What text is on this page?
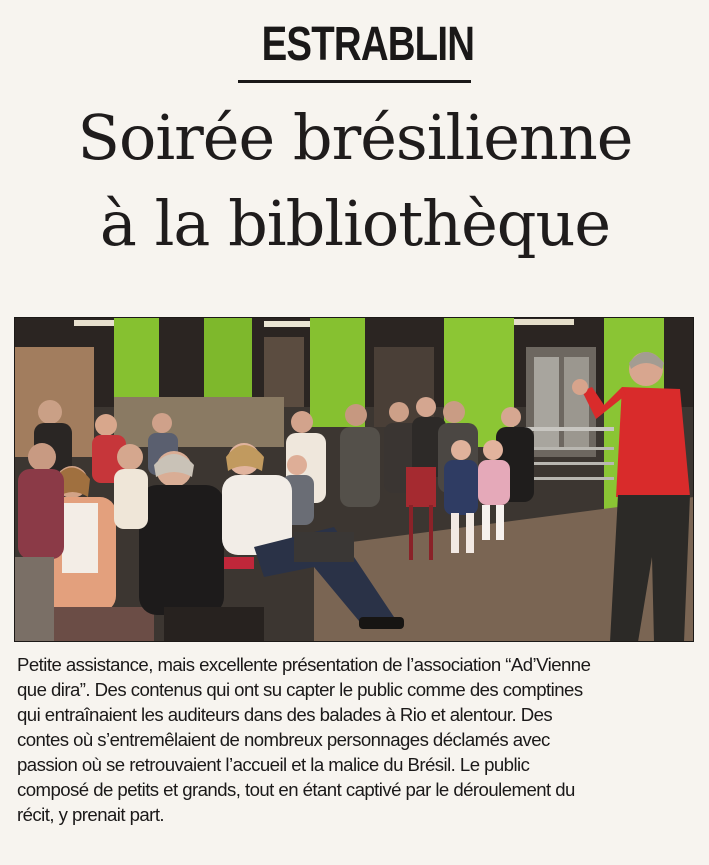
ESTRABLIN
Soirée brésilienne
à la bibliothèque
Petite assistance, mais excellente présentation de l’association “Ad’Vienne
que dira”. Des contenus qui ont su capter le public comme des comptines
qui entraînaient les auditeurs dans des balades à Rio et alentour. Des
contes où s’entremêlaient de nombreux personnages déclamés avec
passion où se retrouvaient l’accueil et la malice du Brésil. Le public
composé de petits et grands, tout en étant captivé par le déroulement du
récit, y prenait part.
